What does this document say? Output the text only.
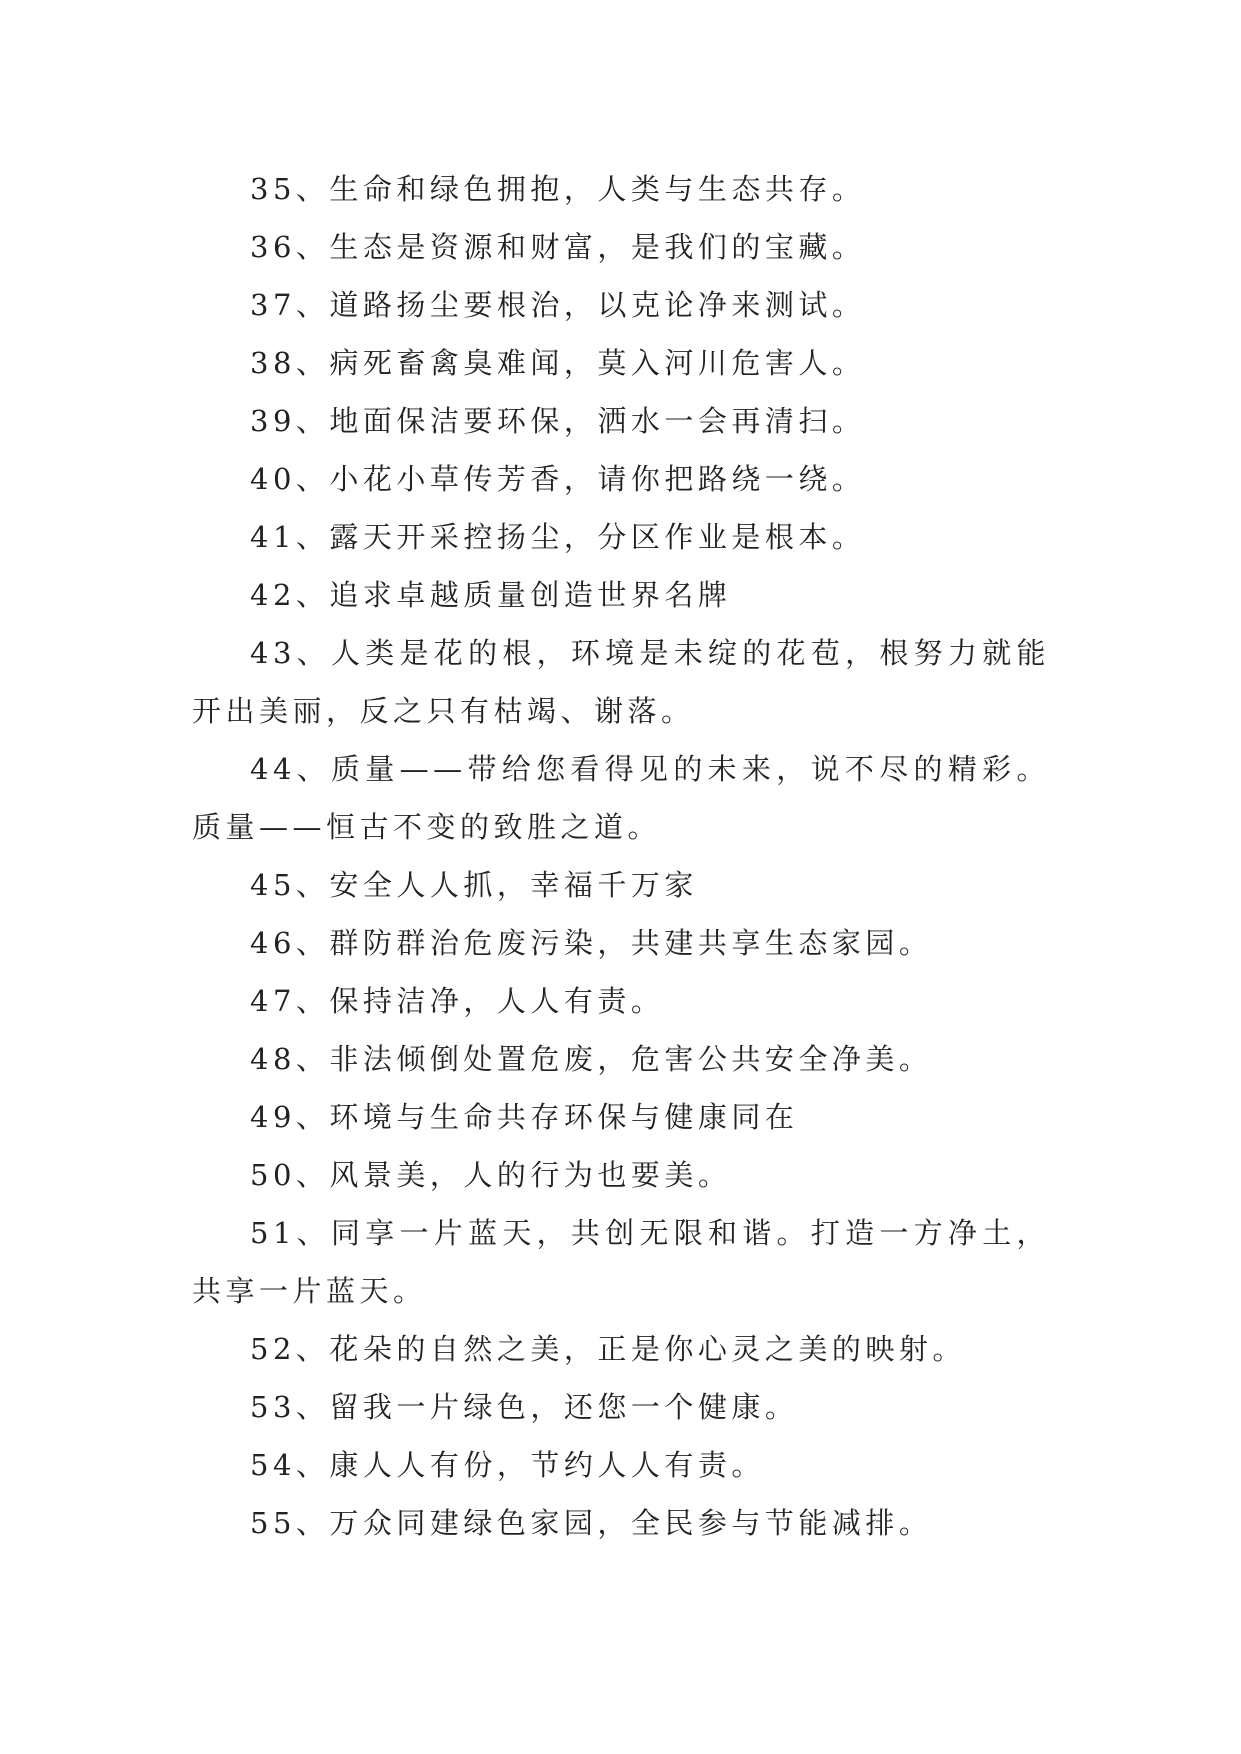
35、生命和绿色拥抱，人类与生态共存。

36、生态是资源和财富，是我们的宝藏。

37、道路扬尘要根治，以克论净来测试。

38、病死畜禽臭难闻，莫入河川危害人。

39、地面保洁要环保，洒水一会再清扫。

40、小花小草传芳香，请你把路绕一绕。

41、露天开采控扬尘，分区作业是根本。

42、追求卓越质量创造世界名牌

43、人类是花的根，环境是未绽的花苞，根努力就能开出美丽，反之只有枯竭、谢落。

44、质量——带给您看得见的未来，说不尽的精彩。质量——恒古不变的致胜之道。

45、安全人人抓，幸福千万家

46、群防群治危废污染，共建共享生态家园。

47、保持洁净，人人有责。

48、非法倾倒处置危废，危害公共安全净美。

49、环境与生命共存环保与健康同在

50、风景美，人的行为也要美。

51、同享一片蓝天，共创无限和谐。打造一方净土，共享一片蓝天。

52、花朵的自然之美，正是你心灵之美的映射。

53、留我一片绿色，还您一个健康。

54、康人人有份，节约人人有责。

55、万众同建绿色家园，全民参与节能减排。
